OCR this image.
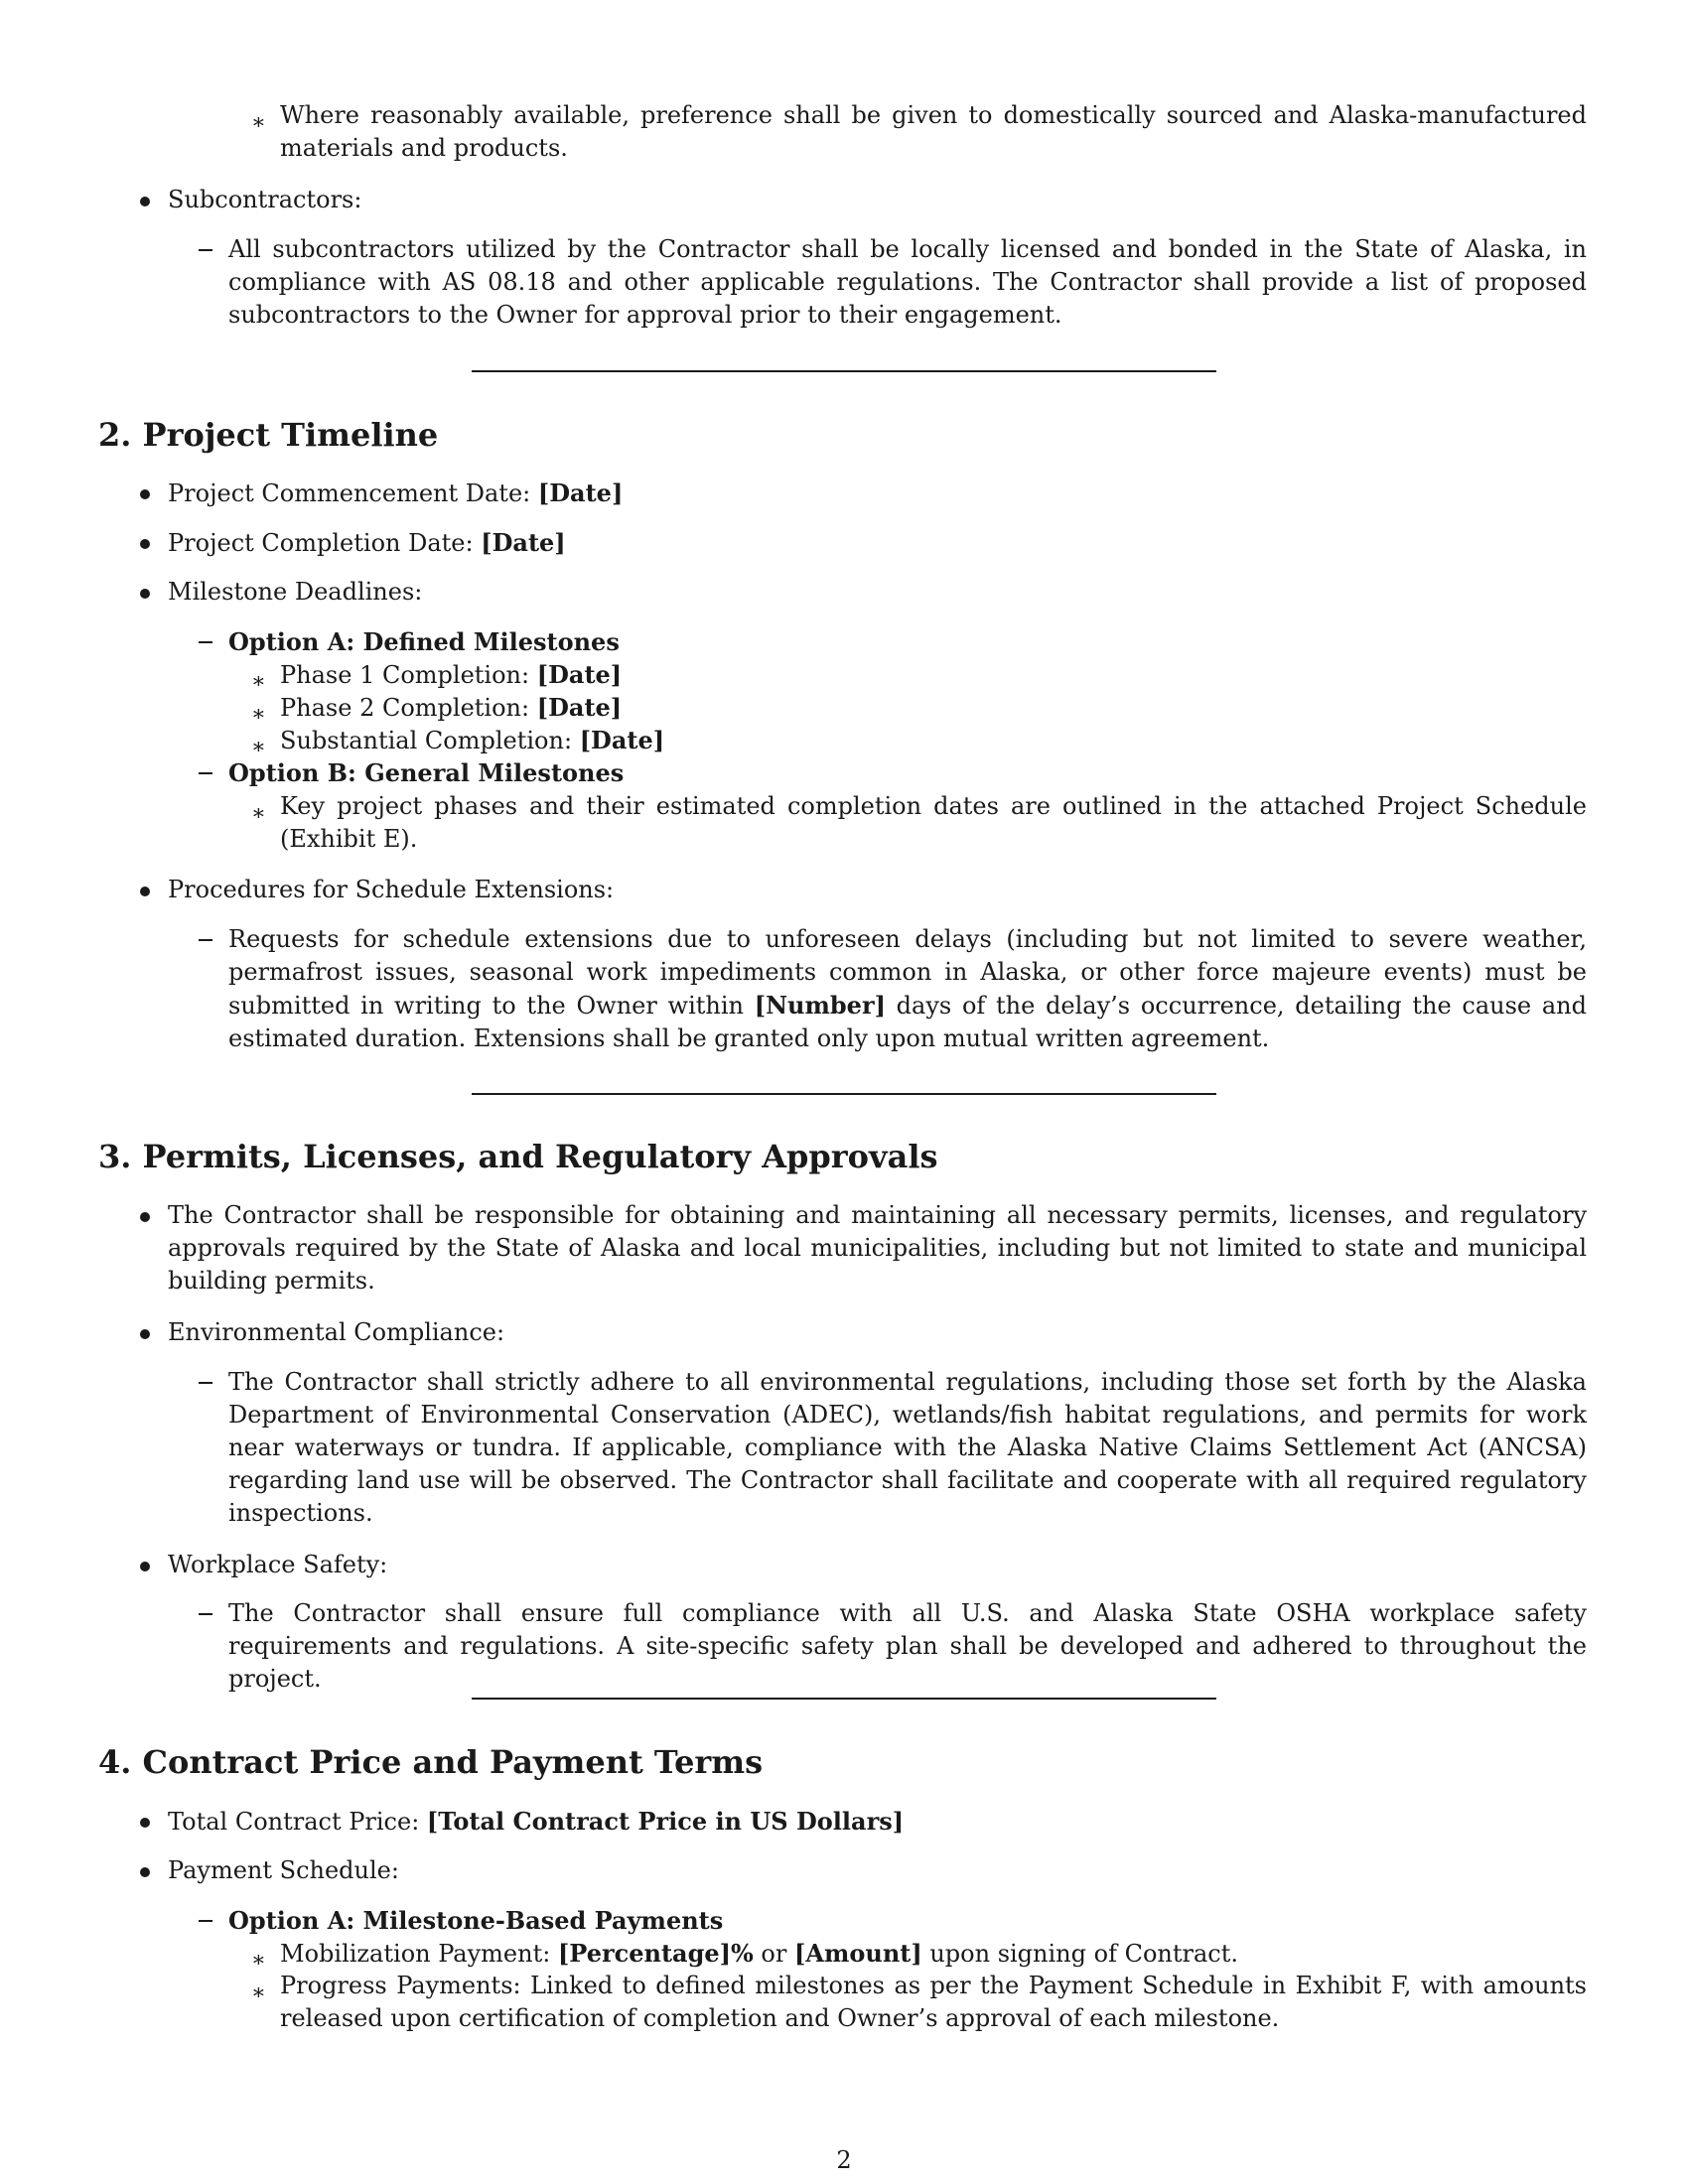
∗ Where reasonably available, preference shall be given to domestically sourced and Alaska-manufactured materials and products.
Subcontractors:
All subcontractors utilized by the Contractor shall be locally licensed and bonded in the State of Alaska, in compliance with AS 08.18 and other applicable regulations. The Contractor shall provide a list of proposed subcontractors to the Owner for approval prior to their engagement.
2. Project Timeline
Project Commencement Date: [Date]
Project Completion Date: [Date]
Milestone Deadlines:
Option A: Defined Milestones
∗ Phase 1 Completion: [Date]
∗ Phase 2 Completion: [Date]
∗ Substantial Completion: [Date]
Option B: General Milestones
∗ Key project phases and their estimated completion dates are outlined in the attached Project Schedule (Exhibit E).
Procedures for Schedule Extensions:
Requests for schedule extensions due to unforeseen delays (including but not limited to severe weather, permafrost issues, seasonal work impediments common in Alaska, or other force majeure events) must be submitted in writing to the Owner within [Number] days of the delay’s occurrence, detailing the cause and estimated duration. Extensions shall be granted only upon mutual written agreement.
3. Permits, Licenses, and Regulatory Approvals
The Contractor shall be responsible for obtaining and maintaining all necessary permits, licenses, and regulatory approvals required by the State of Alaska and local municipalities, including but not limited to state and municipal building permits.
Environmental Compliance:
The Contractor shall strictly adhere to all environmental regulations, including those set forth by the Alaska Department of Environmental Conservation (ADEC), wetlands/fish habitat regulations, and permits for work near waterways or tundra. If applicable, compliance with the Alaska Native Claims Settlement Act (ANCSA) regarding land use will be observed. The Contractor shall facilitate and cooperate with all required regulatory inspections.
Workplace Safety:
The Contractor shall ensure full compliance with all U.S. and Alaska State OSHA workplace safety requirements and regulations. A site-specific safety plan shall be developed and adhered to throughout the project.
4. Contract Price and Payment Terms
Total Contract Price: [Total Contract Price in US Dollars]
Payment Schedule:
Option A: Milestone-Based Payments
∗ Mobilization Payment: [Percentage]% or [Amount] upon signing of Contract.
∗ Progress Payments: Linked to defined milestones as per the Payment Schedule in Exhibit F, with amounts released upon certification of completion and Owner’s approval of each milestone.
2
